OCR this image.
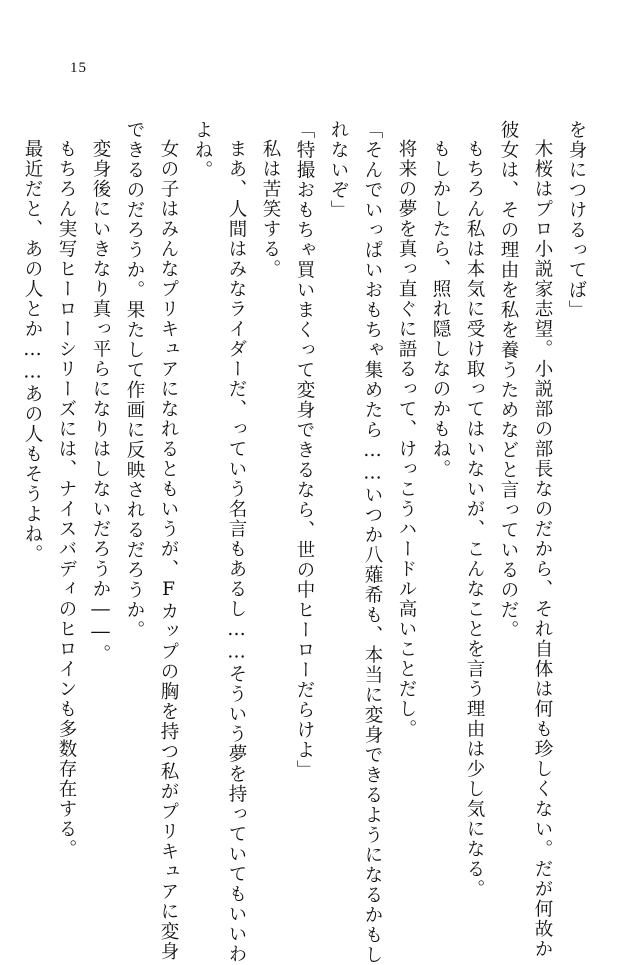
15
を身につけるってば」
木桜はプロ小説家志望。小説部の部長なのだから、それ自体は何も珍しくない。だが何故か
彼女は、その理由を私を養うためなどと言っているのだ。
もちろん私は本気に受け取ってはいないが、こんなことを言う理由は少し気になる。
もしかしたら、照れ隠しなのかもね。
将来の夢を真っ直ぐに語るって、けっこうハードル高いことだし。
「そんでいっぱいおもちゃ集めたら……いつか八薙希も、本当に変身できるようになるかもし
れないぞ」
「特撮おもちゃ買いまくって変身できるなら、世の中ヒーローだらけよ」
私は苦笑する。
まあ、人間はみなライダーだ、っていう名言もあるし……そういう夢を持っていてもいいわ
よね。
女の子はみんなプリキュアになれるともいうが、Fカップの胸を持つ私がプリキュアに変身
できるのだろうか。果たして作画に反映されるだろうか。
変身後にいきなり真っ平らになりはしないだろうか――。
もちろん実写ヒーローシリーズには、ナイスバディのヒロインも多数存在する。
最近だと、あの人とか……あの人もそうよね。
